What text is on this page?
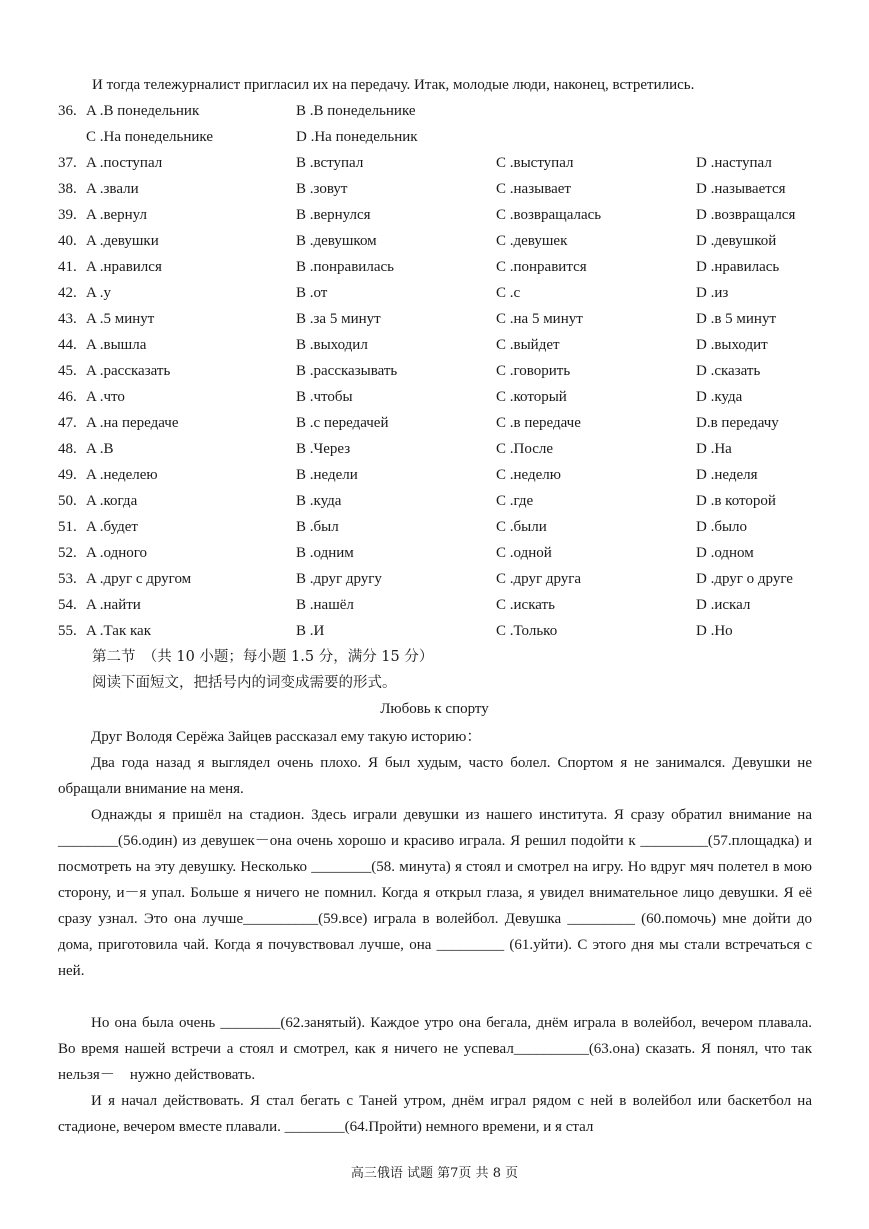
И тогда тележурналист пригласил их на передачу. Итак, молодые люди, наконец, встретились.
36. A .В понедельник	B .В понедельнике
C .На понедельнике	D .На понедельник
37. A .поступал	B .вступал	C .выступал	D .наступал
38. A .звали	B .зовут	C .называет	D .называется
39. A .вернул	B .вернулся	C .возвращалась	D .возвращался
40. A .девушки	B .девушком	C .девушек	D .девушкой
41. A .нравился	B .понравилась	C .понравится	D .нравилась
42. A .у	B .от	C .с	D .из
43. A .5 минут	B .за 5 минут	C .на 5 минут	D .в 5 минут
44. A .вышла	B .выходил	C .выйдет	D .выходит
45. A .рассказать	B .рассказывать	C .говорить	D .сказать
46. A .что	B .чтобы	C .который	D .куда
47. A .на передаче	B .с передачей	C .в передаче	D.в передачу
48. A .В	B .Через	C .После	D .На
49. A .неделею	B .недели	C .неделю	D .неделя
50. A .когда	B .куда	C .где	D .в которой
51. A .будет	B .был	C .были	D .было
52. A .одного	B .одним	C .одной	D .одном
53. A .друг с другом	B .друг другу	C .друг друга	D .друг о друге
54. A .найти	B .нашёл	C .искать	D .искал
55. A .Так как	B .И	C .Только	D .Но
第二节　（共 10 小题；每小题 1.5 分，满分 15 分）
阅读下面短文，把括号内的词变成需要的形式。
Любовь к спорту
Друг Володя Серёжа Зайцев рассказал ему такую историю：
Два года назад я выглядел очень плохо. Я был худым, часто болел. Спортом я не занимался. Девушки не обращали внимание на меня.
Однажды я пришёл на стадион. Здесь играли девушки из нашего института. Я сразу обратил внимание на ________(56.один) из девушек－она очень хорошо и красиво играла. Я решил подойти к _________(57.площадка) и посмотреть на эту девушку. Несколько ________(58. минута) я стоял и смотрел на игру. Но вдруг мяч полетел в мою сторону, и－я упал. Больше я ничего не помнил. Когда я открыл глаза, я увидел внимательное лицо девушки. Я её сразу узнал. Это она лучше__________(59.все) играла в волейбол. Девушка _________ (60.помочь) мне дойти до дома, приготовила чай. Когда я почувствовал лучше, она _________ (61.уйти). С этого дня мы стали встречаться с ней.
Но она была очень ________(62.занятый). Каждое утро она бегала, днём играла в волейбол, вечером плавала. Во время нашей встречи а стоял и смотрел, как я ничего не успевал__________(63.она) сказать. Я понял, что так нельзя－　нужно действовать.
И я начал действовать. Я стал бегать с Таней утром, днём играл рядом с ней в волейбол или баскетбол на стадионе, вечером вместе плавали. ________(64.Пройти) немного времени, и я стал
高三俄语 试题 第7页 共 8 页
